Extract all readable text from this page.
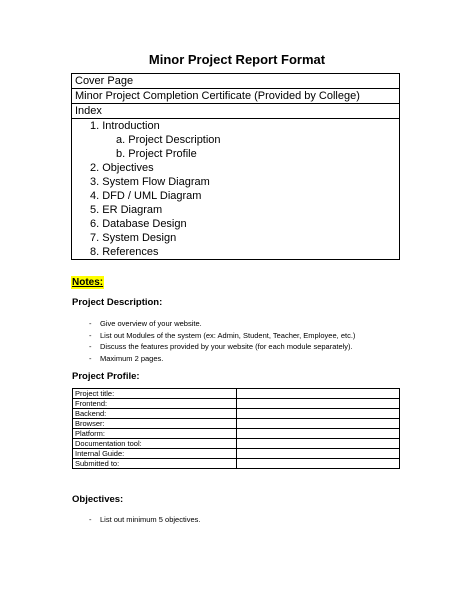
Minor Project Report Format
Cover Page
Minor Project Completion Certificate (Provided by College)
Index
1. Introduction
a. Project Description
b. Project Profile
2. Objectives
3. System Flow Diagram
4. DFD / UML Diagram
5. ER Diagram
6. Database Design
7. System Design
8. References
Notes:
Project Description:
- Give overview of your website.
- List out Modules of the system (ex: Admin, Student, Teacher, Employee, etc.)
- Discuss the features provided by your website (for each module separately).
- Maximum 2 pages.
Project Profile:
Project title:	
Frontend:	
Backend:	
Browser:	
Platform:	
Documentation tool:	
Internal Guide:	
Submitted to:	
Objectives:
- List out minimum 5 objectives.
